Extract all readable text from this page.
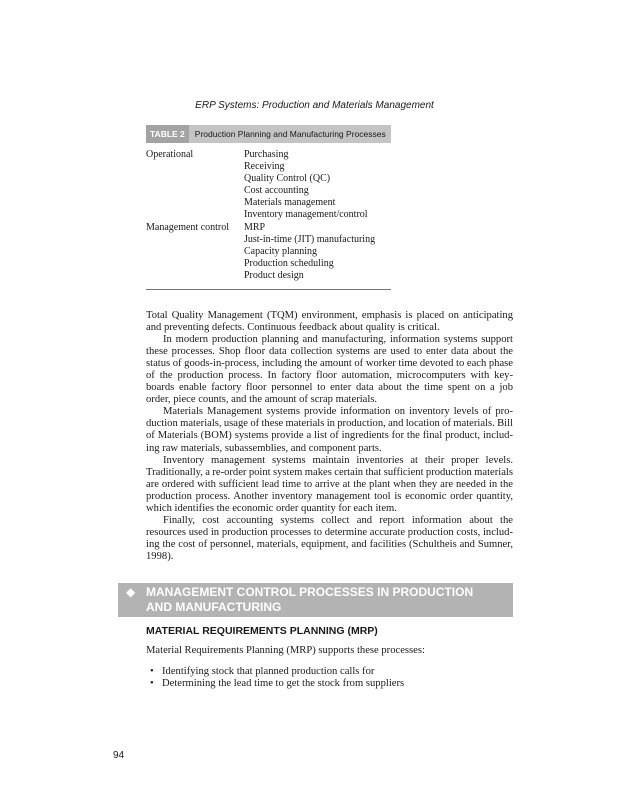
ERP Systems: Production and Materials Management
TABLE 2 Production Planning and Manufacturing Processes
Operational	Purchasing
Receiving
Quality Control (QC)
Cost accounting
Materials management
Inventory management/control
Management control MRP
Just-in-time (JIT) manufacturing
Capacity planning
Production scheduling
Product design
Total Quality Management (TQM) environment, emphasis is placed on anticipating
and preventing defects. Continuous feedback about quality is critical.
In modern production planning and manufacturing, information systems support
these processes. Shop floor data collection systems are used to enter data about the
status of goods-in-process, including the amount of worker time devoted to each phase
of the production process. In factory floor automation, microcomputers with key-
boards enable factory floor personnel to enter data about the time spent on a job
order, piece counts, and the amount of scrap materials.
Materials Management systems provide information on inventory levels of pro-
duction materials, usage of these materials in production, and location of materials. Bill
of Materials (BOM) systems provide a list of ingredients for the final product, includ-
ing raw materials, subassemblies, and component parts.
Inventory management systems maintain inventories at their proper levels.
Traditionally, a re-order point system makes certain that sufficient production materials
are ordered with sufficient lead time to arrive at the plant when they are needed in the
production process. Another inventory management tool is economic order quantity,
which identifies the economic order quantity for each item.
Finally, cost accounting systems collect and report information about the
resources used in production processes to determine accurate production costs, includ-
ing the cost of personnel, materials, equipment, and facilities (Schultheis and Sumner,
1998).
◆ MANAGEMENT CONTROL PROCESSES IN PRODUCTION
AND MANUFACTURING
MATERIAL REQUIREMENTS PLANNING (MRP)
Material Requirements Planning (MRP) supports these processes:
• Identifying stock that planned production calls for
• Determining the lead time to get the stock from suppliers
94
